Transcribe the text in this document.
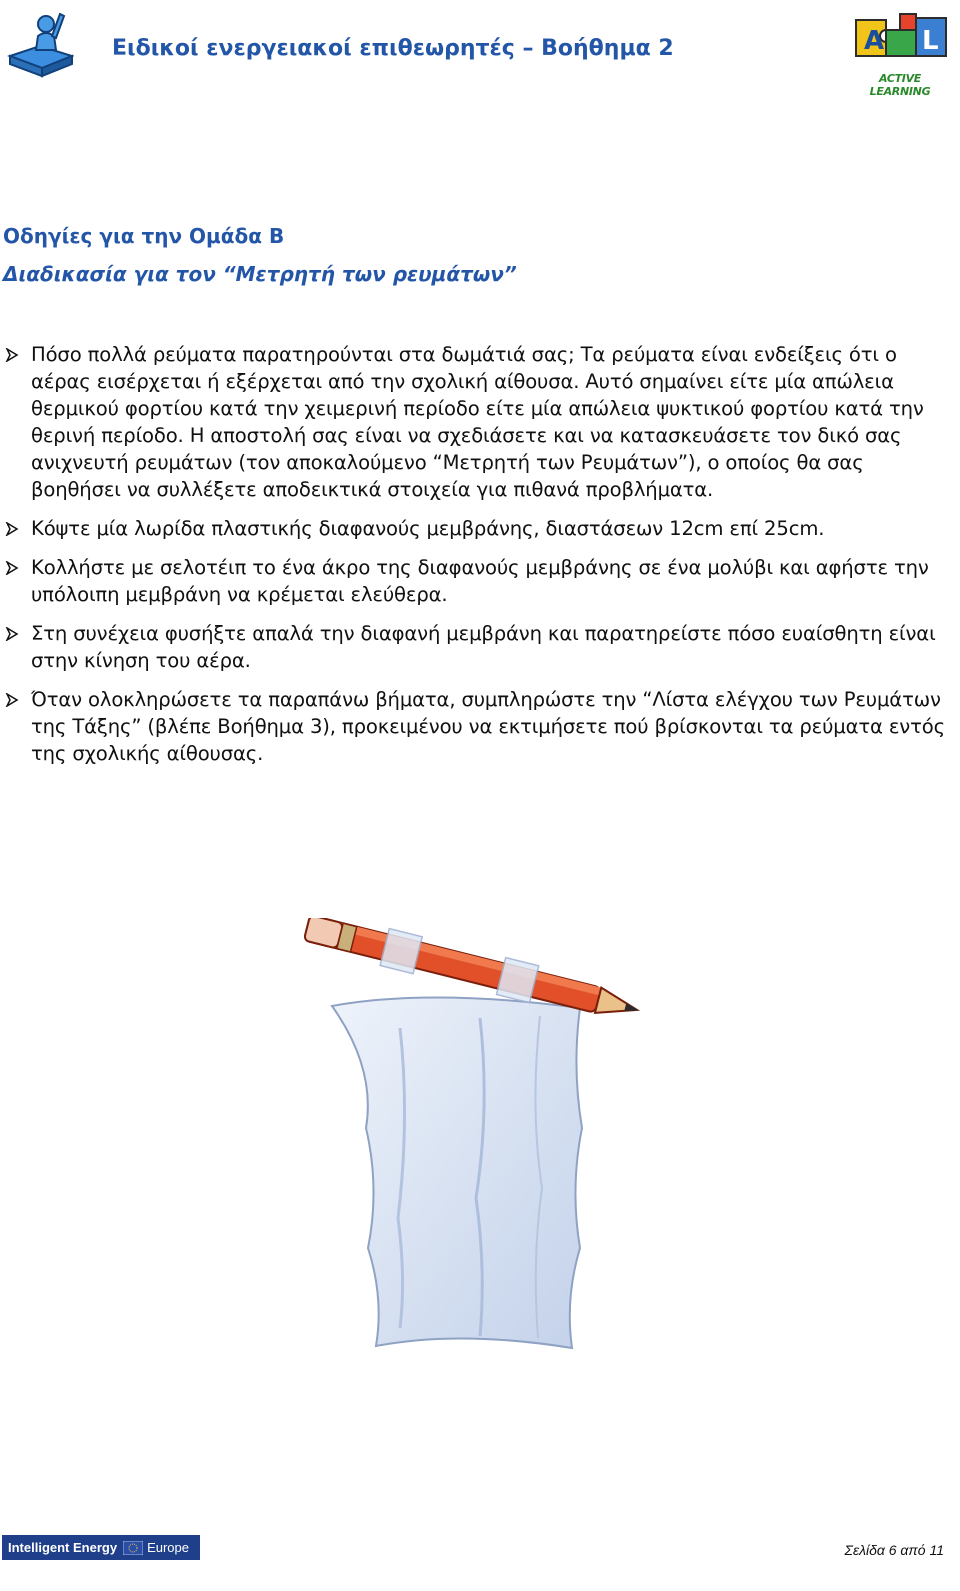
Ειδικοί ενεργειακοί επιθεωρητές – Βοήθημα 2	A L
ACTIVE LEARNING
Οδηγίες για την Ομάδα Β
Διαδικασία για τον “Μετρητή των ρευμάτων”
Πόσο πολλά ρεύματα παρατηρούνται στα δωμάτιά σας; Τα ρεύματα είναι ενδείξεις ότι ο αέρας εισέρχεται ή εξέρχεται από την σχολική αίθουσα. Αυτό σημαίνει είτε μία απώλεια θερμικού φορτίου κατά την χειμερινή περίοδο είτε μία απώλεια ψυκτικού φορτίου κατά την θερινή περίοδο. Η αποστολή σας είναι να σχεδιάσετε και να κατασκευάσετε τον δικό σας ανιχνευτή ρευμάτων (τον αποκαλούμενο “Μετρητή των Ρευμάτων”), ο οποίος θα σας βοηθήσει να συλλέξετε αποδεικτικά στοιχεία για πιθανά προβλήματα.
Κόψτε μία λωρίδα πλαστικής διαφανούς μεμβράνης, διαστάσεων 12cm επί 25cm.
Κολλήστε με σελοτέιπ το ένα άκρο της διαφανούς μεμβράνης σε ένα μολύβι και αφήστε την υπόλοιπη μεμβράνη να κρέμεται ελεύθερα.
Στη συνέχεια φυσήξτε απαλά την διαφανή μεμβράνη και παρατηρείστε πόσο ευαίσθητη είναι στην κίνηση του αέρα.
Όταν ολοκληρώσετε τα παραπάνω βήματα, συμπληρώστε την “Λίστα ελέγχου των Ρευμάτων της Τάξης” (βλέπε Βοήθημα 3), προκειμένου να εκτιμήσετε πού βρίσκονται τα ρεύματα εντός της σχολικής αίθουσας.
Intelligent Energy	Europe	Σελίδα 6 από 11
